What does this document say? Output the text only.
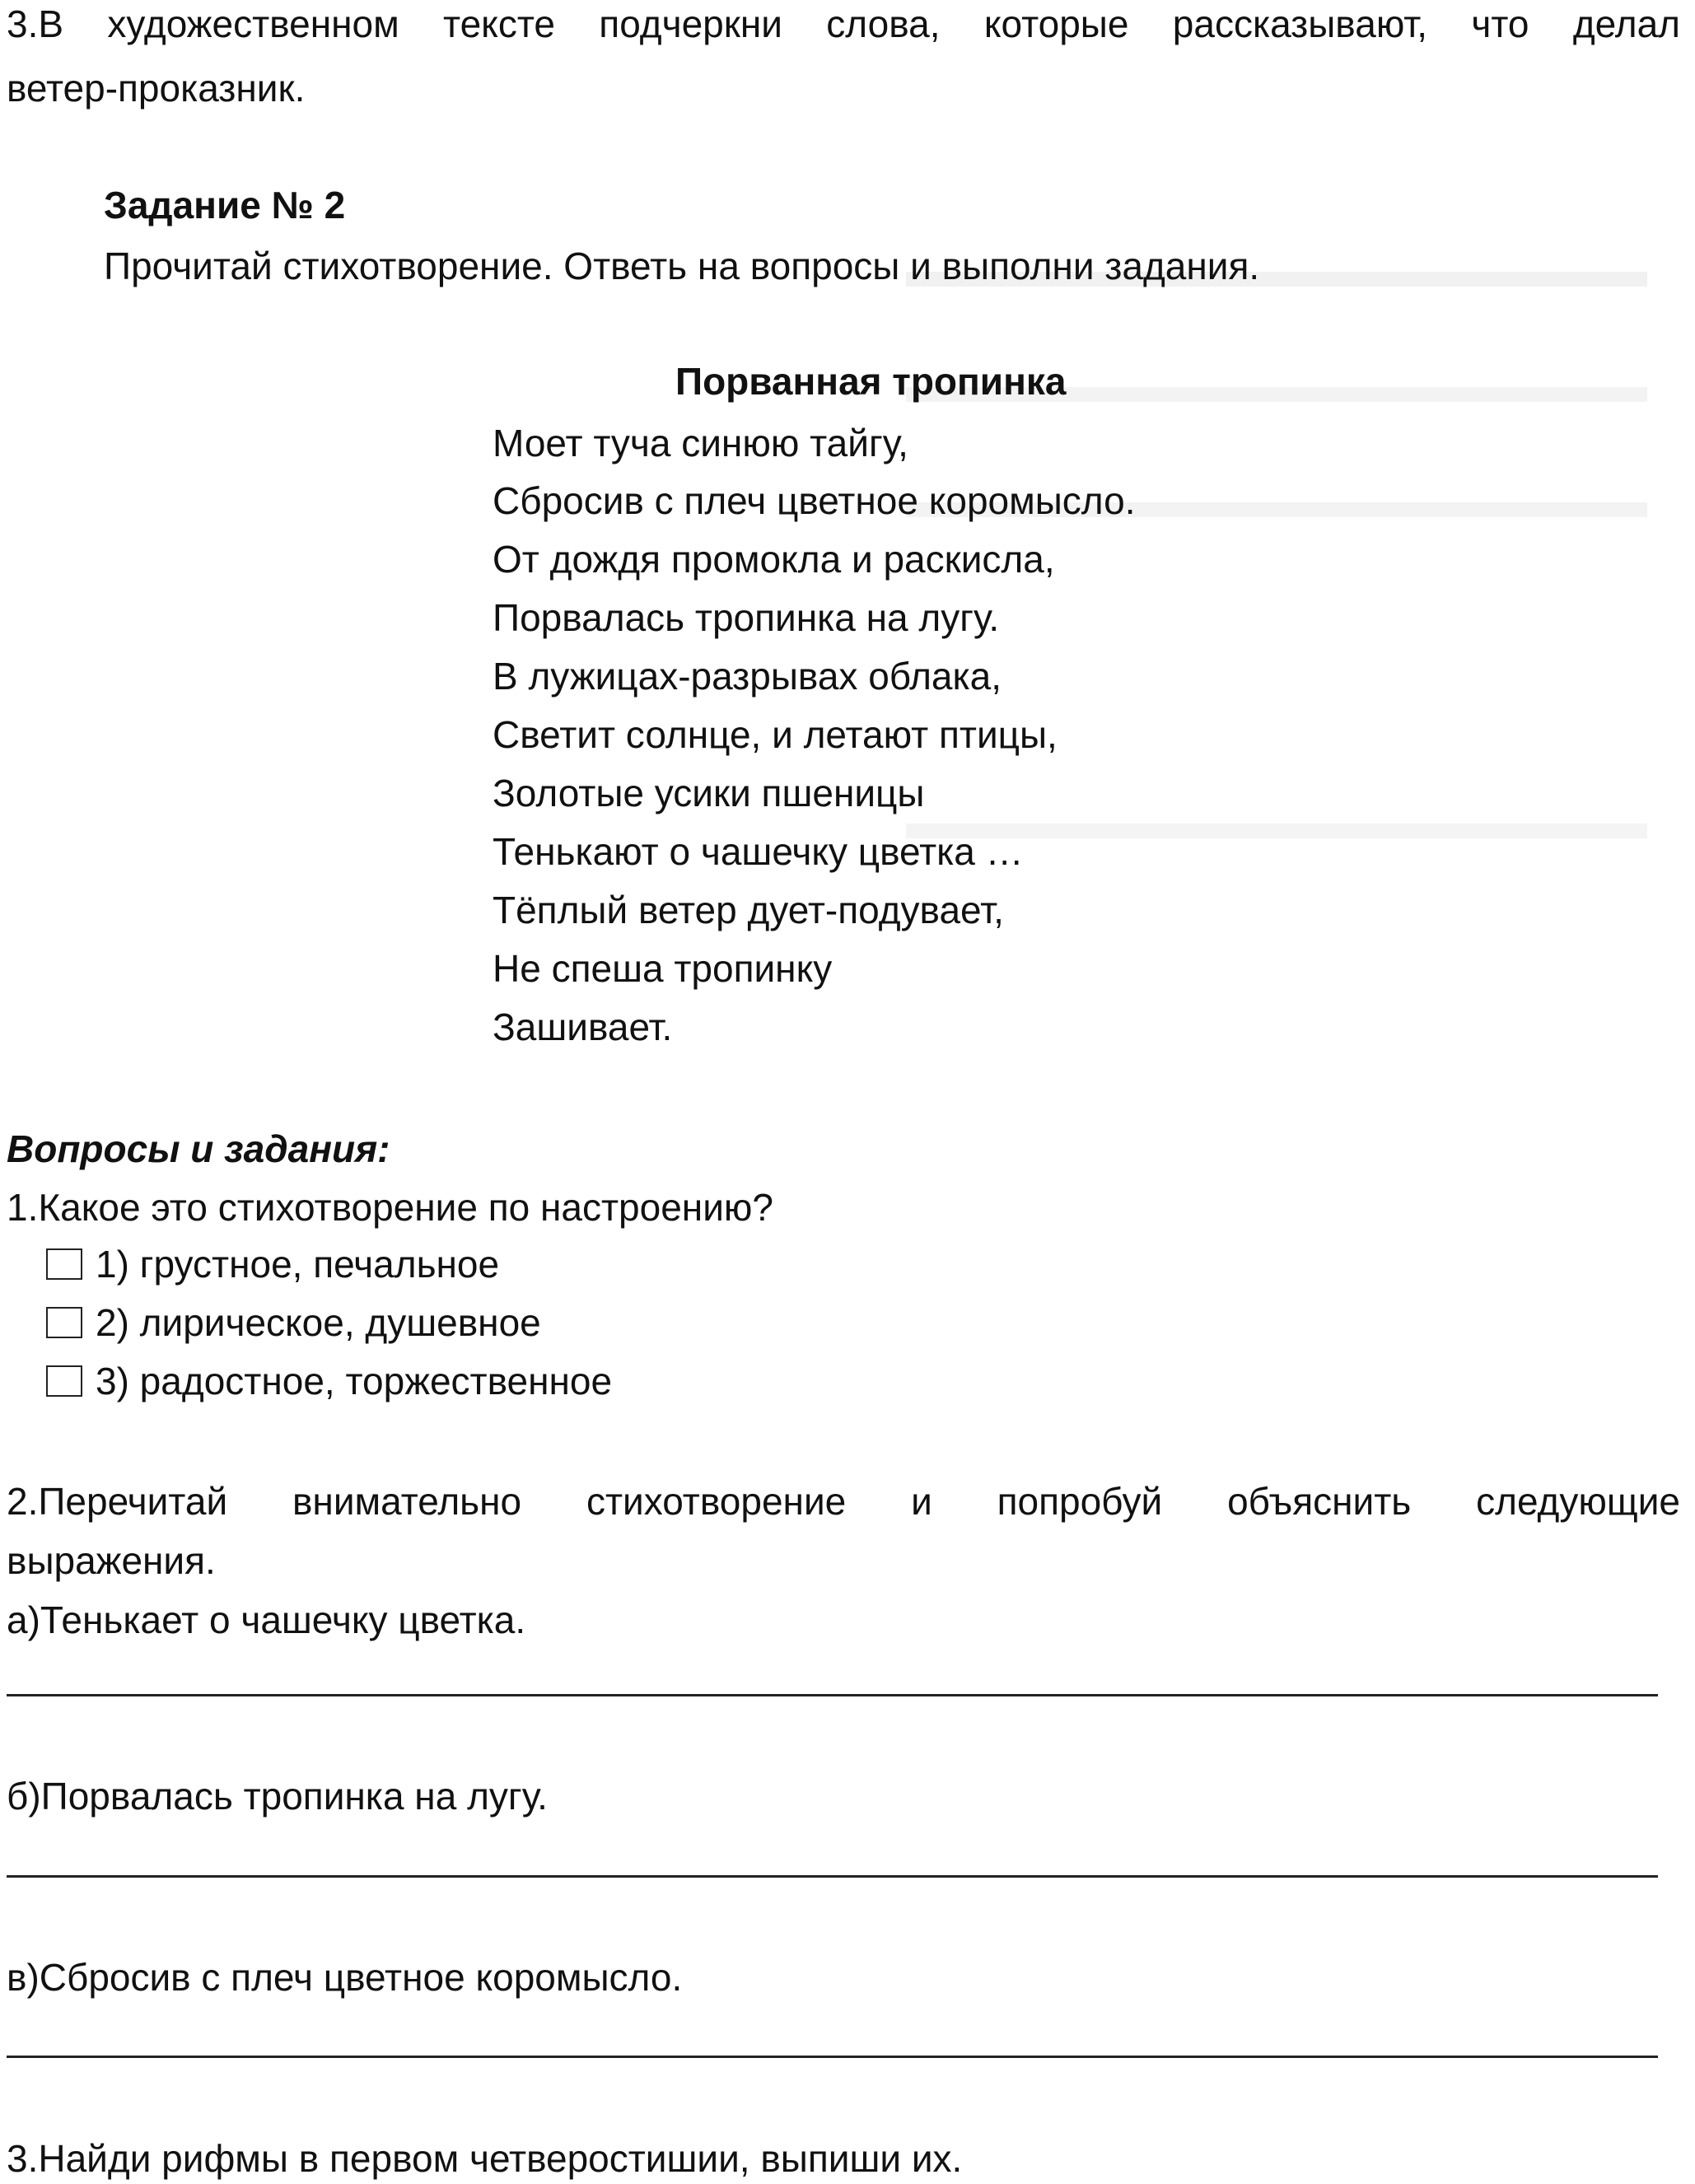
3.В художественном тексте подчеркни слова, которые рассказывают, что делал
ветер-проказник.
Задание № 2
Прочитай стихотворение. Ответь на вопросы и выполни задания.
Порванная тропинка
Моет туча синюю тайгу,
Сбросив с плеч цветное коромысло.
От дождя промокла и раскисла,
Порвалась тропинка на лугу.
В лужицах-разрывах облака,
Светит солнце, и летают птицы,
Золотые усики пшеницы
Тенькают о чашечку цветка …
Тёплый ветер дует-подувает,
Не спеша тропинку
Зашивает.
Вопросы и задания:
1.Какое это стихотворение по настроению?
1) грустное, печальное
2) лирическое, душевное
3) радостное, торжественное
2.Перечитай внимательно стихотворение и попробуй объяснить следующие
выражения.
а)Тенькает о чашечку цветка.
б)Порвалась тропинка на лугу.
в)Сбросив с плеч цветное коромысло.
3.Найди рифмы в первом четверостишии, выпиши их.
